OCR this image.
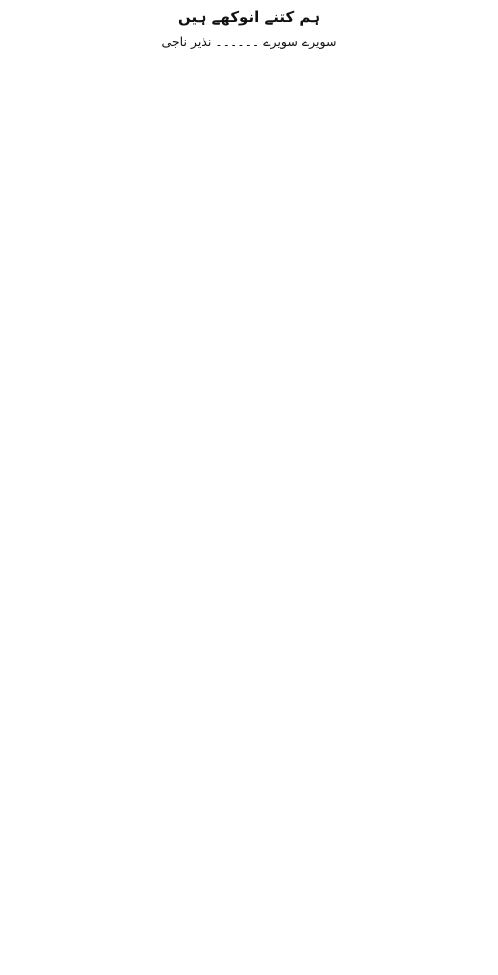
ہم کتنے انوکھے ہیں
سویرے سویرے ۔۔۔۔۔۔ نذیر ناجی
